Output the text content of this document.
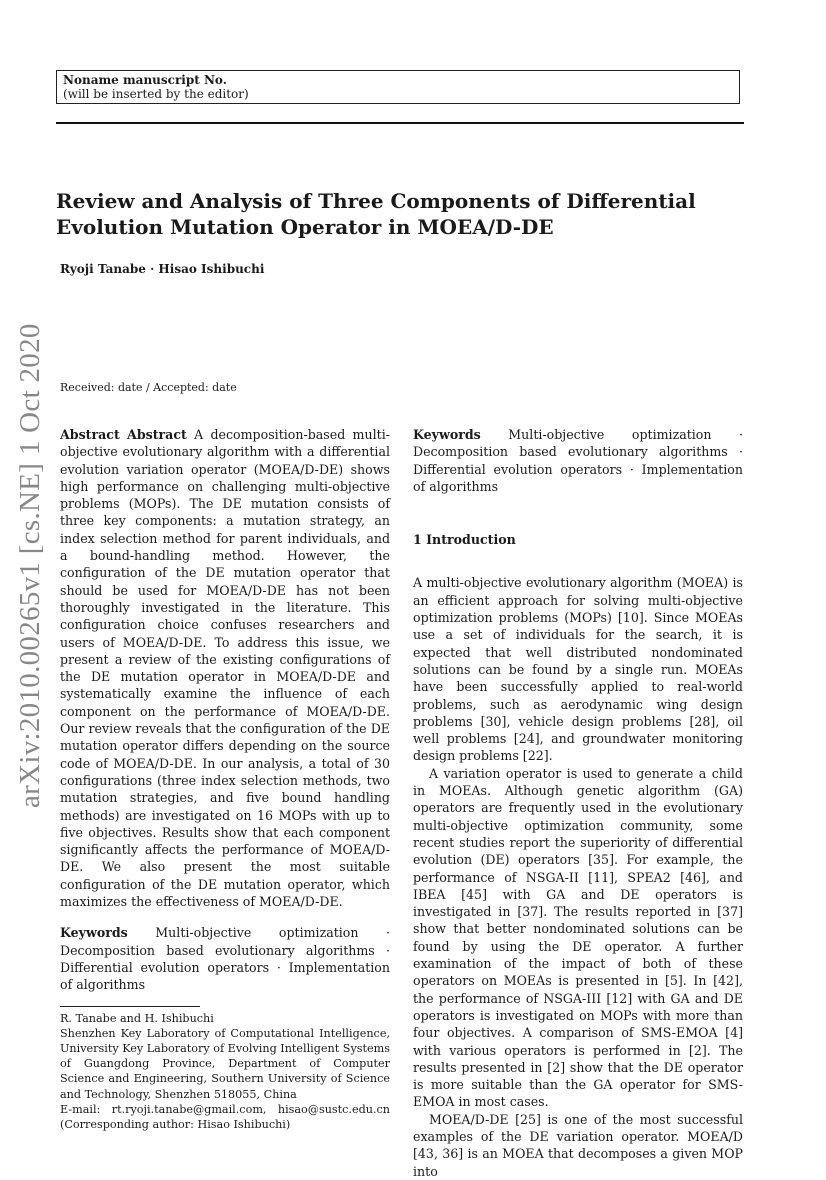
Noname manuscript No.
(will be inserted by the editor)
Review and Analysis of Three Components of Differential Evolution Mutation Operator in MOEA/D-DE
Ryoji Tanabe · Hisao Ishibuchi
arXiv:2010.00265v1 [cs.NE] 1 Oct 2020 Received: date / Accepted: date

Abstract Abstract A decomposition-based multi-objective evolutionary algorithm with a differential evolution variation operator (MOEA/D-DE) shows high performance on challenging multi-objective problems (MOPs). The DE mutation consists of three key components: a mutation strategy, an index selection method for parent individuals, and a bound-handling method. However, the configuration of the DE mutation operator that should be used for MOEA/D-DE has not been thoroughly investigated in the literature. This configuration choice confuses researchers and users of MOEA/D-DE. To address this issue, we present a review of the existing configurations of the DE mutation operator in MOEA/D-DE and systematically examine the influence of each component on the performance of MOEA/D-DE. Our review reveals that the configuration of the DE mutation operator differs depending on the source code of MOEA/D-DE. In our analysis, a total of 30 configurations (three index selection methods, two mutation strategies, and five bound handling methods) are investigated on 16 MOPs with up to five objectives. Results show that each component significantly affects the performance of MOEA/D-DE. We also present the most suitable configuration of the DE mutation operator, which maximizes the effectiveness of MOEA/D-DE.

Keywords Multi-objective optimization · Decomposition based evolutionary algorithms · Differential evolution operators · Implementation of algorithms

R. Tanabe and H. Ishibuchi
Shenzhen Key Laboratory of Computational Intelligence, University Key Laboratory of Evolving Intelligent Systems of Guangdong Province, Department of Computer Science and Engineering, Southern University of Science and Technology, Shenzhen 518055, China
E-mail: rt.ryoji.tanabe@gmail.com, hisao@sustc.edu.cn (Corresponding author: Hisao Ishibuchi)

Keywords Multi-objective optimization · Decomposition based evolutionary algorithms · Differential evolution operators · Implementation of algorithms

1 Introduction

A multi-objective evolutionary algorithm (MOEA) is an efficient approach for solving multi-objective optimization problems (MOPs) [10]. Since MOEAs use a set of individuals for the search, it is expected that well distributed nondominated solutions can be found by a single run. MOEAs have been successfully applied to real-world problems, such as aerodynamic wing design problems [30], vehicle design problems [28], oil well problems [24], and groundwater monitoring design problems [22].

A variation operator is used to generate a child in MOEAs. Although genetic algorithm (GA) operators are frequently used in the evolutionary multi-objective optimization community, some recent studies report the superiority of differential evolution (DE) operators [35]. For example, the performance of NSGA-II [11], SPEA2 [46], and IBEA [45] with GA and DE operators is investigated in [37]. The results reported in [37] show that better nondominated solutions can be found by using the DE operator. A further examination of the impact of both of these operators on MOEAs is presented in [5]. In [42], the performance of NSGA-III [12] with GA and DE operators is investigated on MOPs with more than four objectives. A comparison of SMS-EMOA [4] with various operators is performed in [2]. The results presented in [2] show that the DE operator is more suitable than the GA operator for SMS-EMOA in most cases.

MOEA/D-DE [25] is one of the most successful examples of the DE variation operator. MOEA/D [43, 36] is an MOEA that decomposes a given MOP into
